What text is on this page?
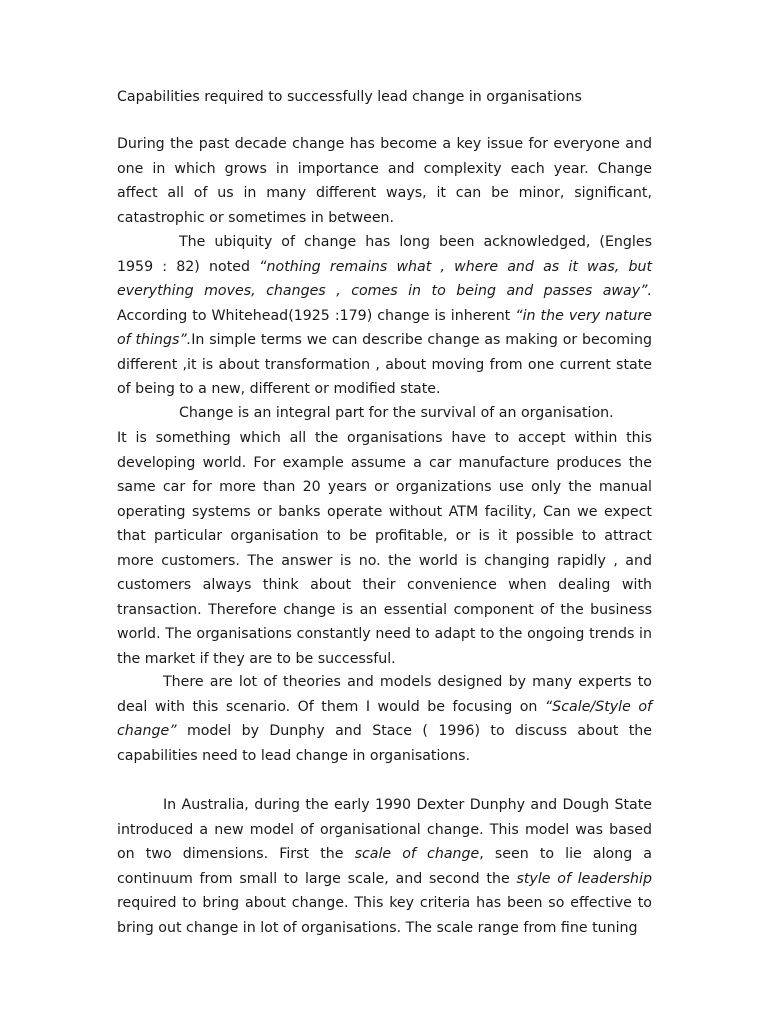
Capabilities required to successfully lead change in organisations

During the past decade change has become a key issue for everyone and one in which grows in importance and complexity each year. Change affect all of us in many different ways, it can be minor, significant, catastrophic or sometimes in between.

The ubiquity of change has long been acknowledged, (Engles 1959 : 82) noted “nothing remains what , where and as it was, but everything moves, changes , comes in to being and passes away”. According to Whitehead(1925 :179) change is inherent “in the very nature of things”.In simple terms we can describe change as making or becoming different ,it is about transformation , about moving from one current state of being to a new, different or modified state.

Change is an integral part for the survival of an organisation.

It is something which all the organisations have to accept within this developing world. For example assume a car manufacture produces the same car for more than 20 years or organizations use only the manual operating systems or banks operate without ATM facility, Can we expect that particular organisation to be profitable, or is it possible to attract more customers. The answer is no. the world is changing rapidly , and customers always think about their convenience when dealing with transaction. Therefore change is an essential component of the business world. The organisations constantly need to adapt to the ongoing trends in the market if they are to be successful.

There are lot of theories and models designed by many experts to deal with this scenario. Of them I would be focusing on “Scale/Style of change” model by Dunphy and Stace ( 1996) to discuss about the capabilities need to lead change in organisations.

In Australia, during the early 1990 Dexter Dunphy and Dough State introduced a new model of organisational change. This model was based on two dimensions. First the scale of change, seen to lie along a continuum from small to large scale, and second the style of leadership required to bring about change. This key criteria has been so effective to bring out change in lot of organisations. The scale range from fine tuning
